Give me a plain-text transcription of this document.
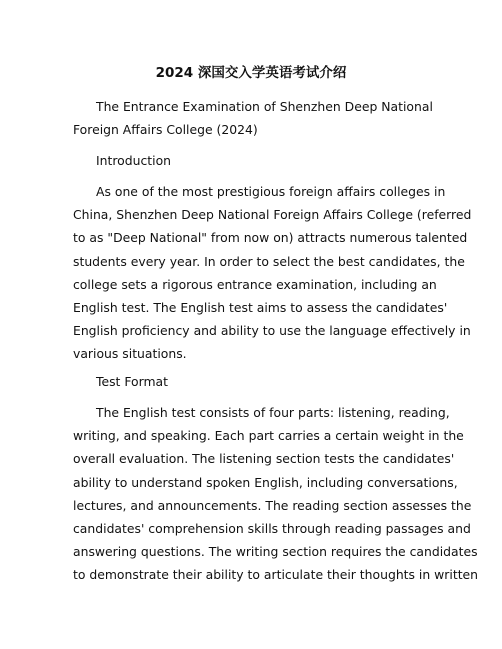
2024 深国交入学英语考试介绍

The Entrance Examination of Shenzhen Deep National
Foreign Affairs College (2024)

Introduction

As one of the most prestigious foreign affairs colleges in
China, Shenzhen Deep National Foreign Affairs College (referred
to as "Deep National" from now on) attracts numerous talented
students every year. In order to select the best candidates, the
college sets a rigorous entrance examination, including an
English test. The English test aims to assess the candidates'
English proficiency and ability to use the language effectively in
various situations.

Test Format

The English test consists of four parts: listening, reading,
writing, and speaking. Each part carries a certain weight in the
overall evaluation. The listening section tests the candidates'
ability to understand spoken English, including conversations,
lectures, and announcements. The reading section assesses the
candidates' comprehension skills through reading passages and
answering questions. The writing section requires the candidates
to demonstrate their ability to articulate their thoughts in written
